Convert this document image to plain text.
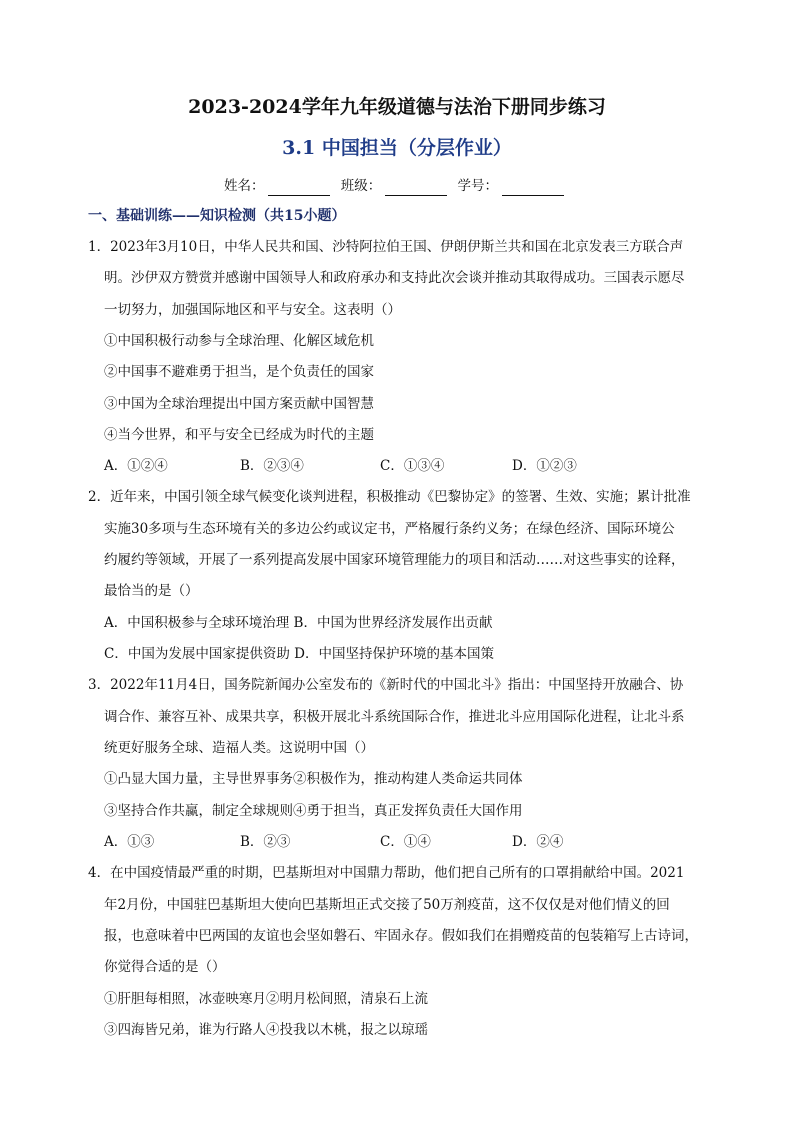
2023-2024学年九年级道德与法治下册同步练习
3.1 中国担当（分层作业）
姓名：	班级：	学号：
一、基础训练——知识检测（共15小题）
1．2023年3月10日，中华人民共和国、沙特阿拉伯王国、伊朗伊斯兰共和国在北京发表三方联合声
明。沙伊双方赞赏并感谢中国领导人和政府承办和支持此次会谈并推动其取得成功。三国表示愿尽
一切努力，加强国际地区和平与安全。这表明（）
①中国积极行动参与全球治理、化解区域危机
②中国事不避难勇于担当，是个负责任的国家
③中国为全球治理提出中国方案贡献中国智慧
④当今世界，和平与安全已经成为时代的主题
A．①②④	B．②③④	C．①③④	D．①②③
2．近年来，中国引领全球气候变化谈判进程，积极推动《巴黎协定》的签署、生效、实施；累计批准
实施30多项与生态环境有关的多边公约或议定书，严格履行条约义务；在绿色经济、国际环境公
约履约等领域，开展了一系列提高发展中国家环境管理能力的项目和活动……对这些事实的诠释，
最恰当的是（）
A．中国积极参与全球环境治理 B．中国为世界经济发展作出贡献
C．中国为发展中国家提供资助 D．中国坚持保护环境的基本国策
3．2022年11月4日，国务院新闻办公室发布的《新时代的中国北斗》指出：中国坚持开放融合、协
调合作、兼容互补、成果共享，积极开展北斗系统国际合作，推进北斗应用国际化进程，让北斗系
统更好服务全球、造福人类。这说明中国（）
①凸显大国力量，主导世界事务②积极作为，推动构建人类命运共同体
③坚持合作共赢，制定全球规则④勇于担当，真正发挥负责任大国作用
A．①③	B．②③	C．①④	D．②④
4．在中国疫情最严重的时期，巴基斯坦对中国鼎力帮助，他们把自己所有的口罩捐献给中国。2021
年2月份，中国驻巴基斯坦大使向巴基斯坦正式交接了50万剂疫苗，这不仅仅是对他们情义的回
报，也意味着中巴两国的友谊也会坚如磐石、牢固永存。假如我们在捐赠疫苗的包装箱写上古诗词，
你觉得合适的是（）
①肝胆每相照，冰壶映寒月②明月松间照，清泉石上流
③四海皆兄弟，谁为行路人④投我以木桃，报之以琼瑶
